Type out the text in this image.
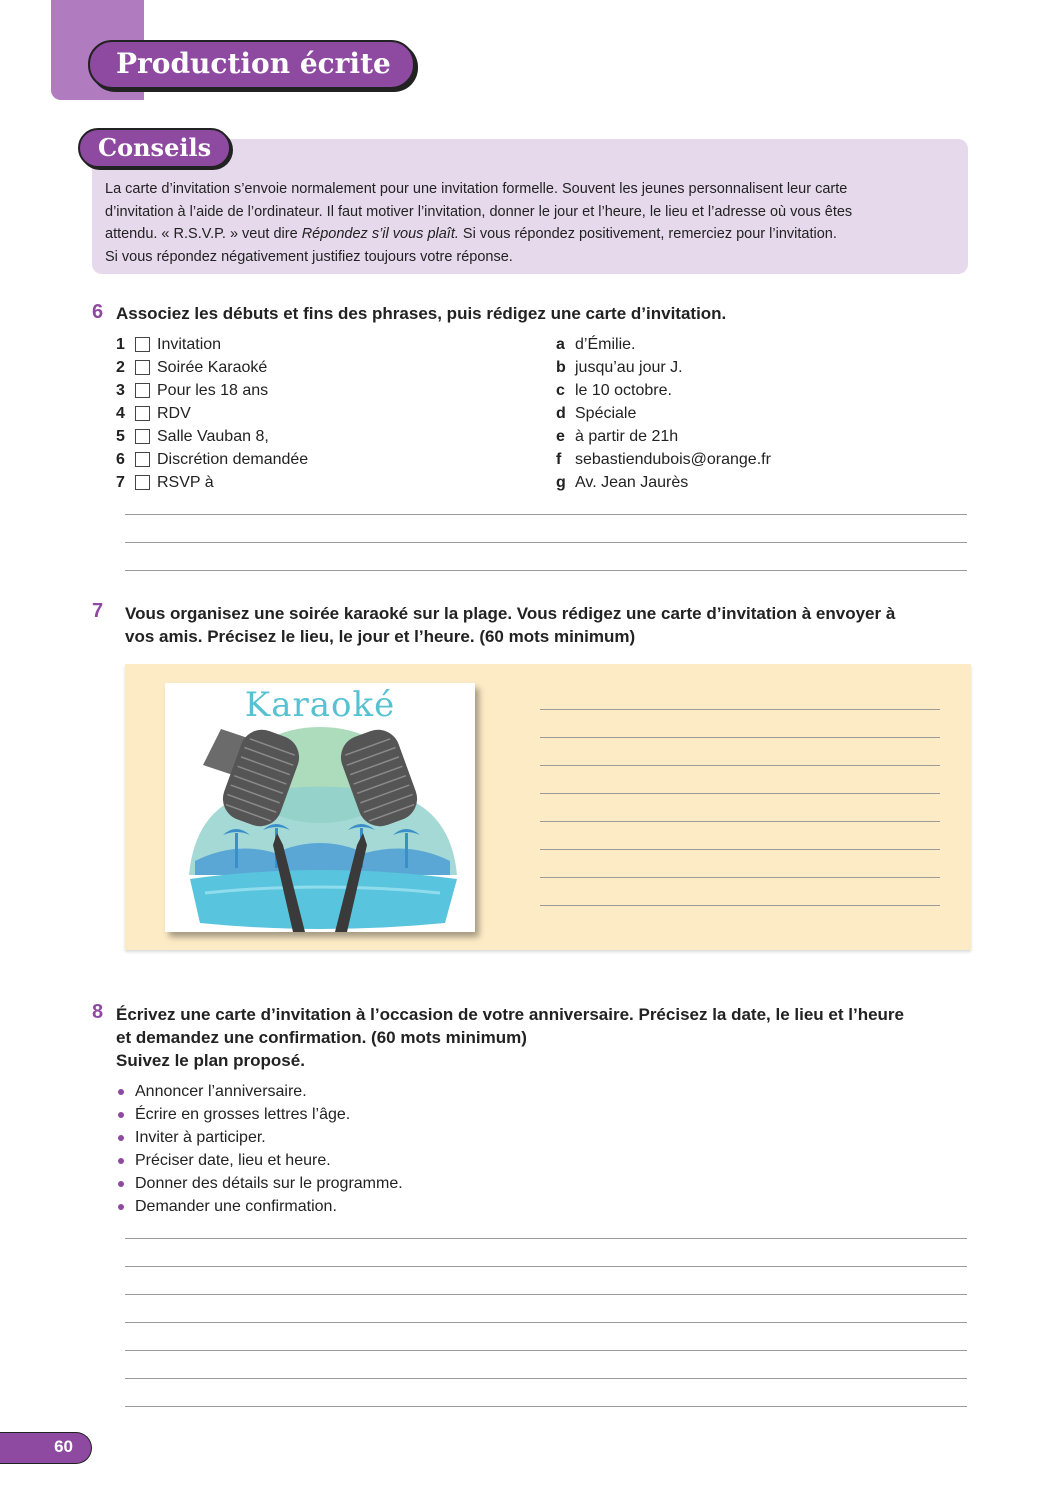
Production écrite
Conseils

La carte d’invitation s’envoie normalement pour une invitation formelle. Souvent les jeunes personnalisent leur carte

d’invitation à l’aide de l’ordinateur. Il faut motiver l’invitation, donner le jour et l’heure, le lieu et l’adresse où vous êtes

attendu. « R.S.V.P. » veut dire Répondez s’il vous plaît. Si vous répondez positivement, remerciez pour l’invitation.

Si vous répondez négativement justifiez toujours votre réponse.

6 Associez les débuts et fins des phrases, puis rédigez une carte d’invitation.
1	Invitation
2	Soirée Karaoké
3	Pour les 18 ans
4	RDV
5	Salle Vauban 8,
6	Discrétion demandée
7	RSVP à
a d’Émilie.
b jusqu’au jour J.
c le 10 octobre.
d Spéciale
e à partir de 21h
f sebastiendubois@orange.fr
g Av. Jean Jaurès
7 Vous organisez une soirée karaoké sur la plage. Vous rédigez une carte d’invitation à envoyer à
vos amis. Précisez le lieu, le jour et l’heure. (60 mots minimum)
Karaoké
8 Écrivez une carte d’invitation à l’occasion de votre anniversaire. Précisez la date, le lieu et l’heure
et demandez une confirmation. (60 mots minimum)
Suivez le plan proposé.
Annoncer l’anniversaire.
Écrire en grosses lettres l’âge.
Inviter à participer.
Préciser date, lieu et heure.
Donner des détails sur le programme.
Demander une confirmation.
60
